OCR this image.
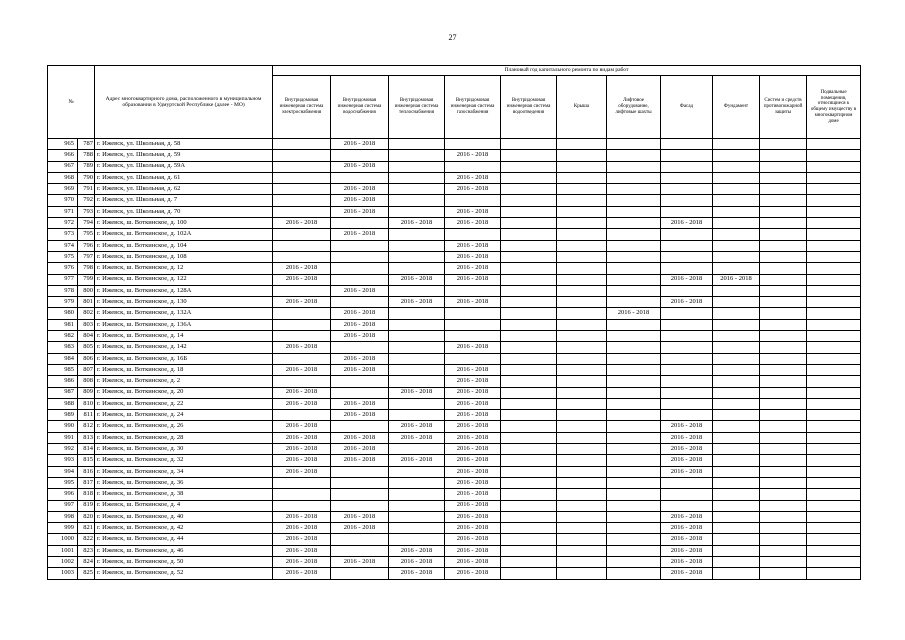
27
№		Адрес многоквартирного дома, расположенного в муниципальном образовании в Удмуртской Республике (далее - МО)	Плановый год капитального ремонта по видам работ										
			Внутридомовая инженерная система электроснабжения	Внутридомовая инженерная система водоснабжения	Внутридомовая инженерная система теплоснабжения	Внутридомовая инженерная система газоснабжения	Внутридомовая инженерная система водоотведения	Крыша	Лифтовое оборудование, лифтовые шахты	Фасад	Фундамент	Систем и средств противопожарной защиты	Подвальные помещения, относящиеся к общему имуществу в многоквартирном доме
965	787	г. Ижевск, ул. Школьная, д. 58		2016 - 2018									
966	788	г. Ижевск, ул. Школьная, д. 59				2016 - 2018							
967	789	г. Ижевск, ул. Школьная, д. 59А		2016 - 2018									
968	790	г. Ижевск, ул. Школьная, д. 61				2016 - 2018							
969	791	г. Ижевск, ул. Школьная, д. 62		2016 - 2018		2016 - 2018							
970	792	г. Ижевск, ул. Школьная, д. 7		2016 - 2018									
971	793	г. Ижевск, ул. Школьная, д. 70		2016 - 2018		2016 - 2018							
972	794	г. Ижевск, ш. Воткинское, д. 100	2016 - 2018		2016 - 2018	2016 - 2018				2016 - 2018			
973	795	г. Ижевск, ш. Воткинское, д. 102А		2016 - 2018									
974	796	г. Ижевск, ш. Воткинское, д. 104				2016 - 2018							
975	797	г. Ижевск, ш. Воткинское, д. 108				2016 - 2018							
976	798	г. Ижевск, ш. Воткинское, д. 12	2016 - 2018			2016 - 2018							
977	799	г. Ижевск, ш. Воткинское, д. 122	2016 - 2018		2016 - 2018	2016 - 2018				2016 - 2018	2016 - 2018		
978	800	г. Ижевск, ш. Воткинское, д. 128А		2016 - 2018									
979	801	г. Ижевск, ш. Воткинское, д. 130	2016 - 2018		2016 - 2018	2016 - 2018				2016 - 2018			
980	802	г. Ижевск, ш. Воткинское, д. 132А		2016 - 2018					2016 - 2018				
981	803	г. Ижевск, ш. Воткинское, д. 136А		2016 - 2018									
982	804	г. Ижевск, ш. Воткинское, д. 14		2016 - 2018									
983	805	г. Ижевск, ш. Воткинское, д. 142	2016 - 2018			2016 - 2018							
984	806	г. Ижевск, ш. Воткинское, д. 16Б		2016 - 2018									
985	807	г. Ижевск, ш. Воткинское, д. 18	2016 - 2018	2016 - 2018		2016 - 2018							
986	808	г. Ижевск, ш. Воткинское, д. 2				2016 - 2018							
987	809	г. Ижевск, ш. Воткинское, д. 20	2016 - 2018		2016 - 2018	2016 - 2018							
988	810	г. Ижевск, ш. Воткинское, д. 22	2016 - 2018	2016 - 2018		2016 - 2018							
989	811	г. Ижевск, ш. Воткинское, д. 24		2016 - 2018		2016 - 2018							
990	812	г. Ижевск, ш. Воткинское, д. 26	2016 - 2018		2016 - 2018	2016 - 2018				2016 - 2018			
991	813	г. Ижевск, ш. Воткинское, д. 28	2016 - 2018	2016 - 2018	2016 - 2018	2016 - 2018				2016 - 2018			
992	814	г. Ижевск, ш. Воткинское, д. 30	2016 - 2018	2016 - 2018		2016 - 2018				2016 - 2018			
993	815	г. Ижевск, ш. Воткинское, д. 32	2016 - 2018	2016 - 2018	2016 - 2018	2016 - 2018				2016 - 2018			
994	816	г. Ижевск, ш. Воткинское, д. 34	2016 - 2018			2016 - 2018				2016 - 2018			
995	817	г. Ижевск, ш. Воткинское, д. 36				2016 - 2018							
996	818	г. Ижевск, ш. Воткинское, д. 38				2016 - 2018							
997	819	г. Ижевск, ш. Воткинское, д. 4				2016 - 2018							
998	820	г. Ижевск, ш. Воткинское, д. 40	2016 - 2018	2016 - 2018		2016 - 2018				2016 - 2018			
999	821	г. Ижевск, ш. Воткинское, д. 42	2016 - 2018	2016 - 2018		2016 - 2018				2016 - 2018			
1000	822	г. Ижевск, ш. Воткинское, д. 44	2016 - 2018			2016 - 2018				2016 - 2018			
1001	823	г. Ижевск, ш. Воткинское, д. 46	2016 - 2018		2016 - 2018	2016 - 2018				2016 - 2018			
1002	824	г. Ижевск, ш. Воткинское, д. 50	2016 - 2018	2016 - 2018	2016 - 2018	2016 - 2018				2016 - 2018			
1003	825	г. Ижевск, ш. Воткинское, д. 52	2016 - 2018		2016 - 2018	2016 - 2018				2016 - 2018			
